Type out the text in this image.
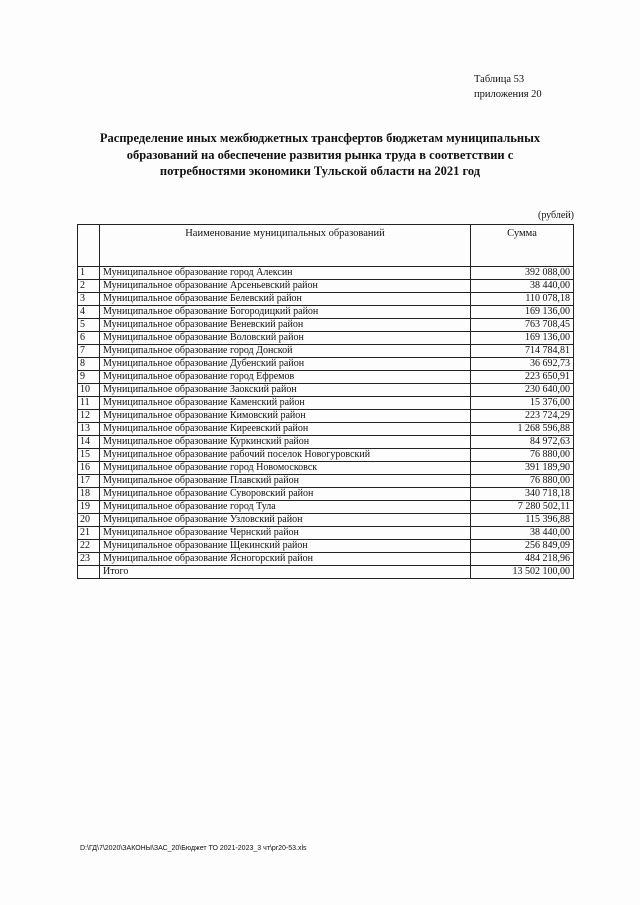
Таблица 53
приложения 20
Распределение иных межбюджетных трансфертов бюджетам муниципальных образований на обеспечение развития рынка труда в соответствии с потребностями экономики Тульской области на 2021 год
(рублей)
	Наименование муниципальных образований	Сумма
1	Муниципальное образование город Алексин	392 088,00
2	Муниципальное образование Арсеньевский район	38 440,00
3	Муниципальное образование Белевский район	110 078,18
4	Муниципальное образование Богородицкий район	169 136,00
5	Муниципальное образование Веневский район	763 708,45
6	Муниципальное образование Воловский район	169 136,00
7	Муниципальное образование город Донской	714 784,81
8	Муниципальное образование Дубенский район	36 692,73
9	Муниципальное образование город Ефремов	223 650,91
10	Муниципальное образование Заокский район	230 640,00
11	Муниципальное образование Каменский район	15 376,00
12	Муниципальное образование Кимовский район	223 724,29
13	Муниципальное образование Киреевский район	1 268 596,88
14	Муниципальное образование Куркинский район	84 972,63
15	Муниципальное образование рабочий поселок Новогуровский	76 880,00
16	Муниципальное образование город Новомосковск	391 189,90
17	Муниципальное образование Плавский район	76 880,00
18	Муниципальное образование Суворовский район	340 718,18
19	Муниципальное образование город Тула	7 280 502,11
20	Муниципальное образование Узловский район	115 396,88
21	Муниципальное образование Чернский район	38 440,00
22	Муниципальное образование Щекинский район	256 849,09
23	Муниципальное образование Ясногорский район	484 218,96
	Итого	13 502 100,00
D:\ГД\7\2020\ЗАКОНЫ\ЗАС_20\Бюджет ТО 2021-2023_3 чт\pr20-53.xls
